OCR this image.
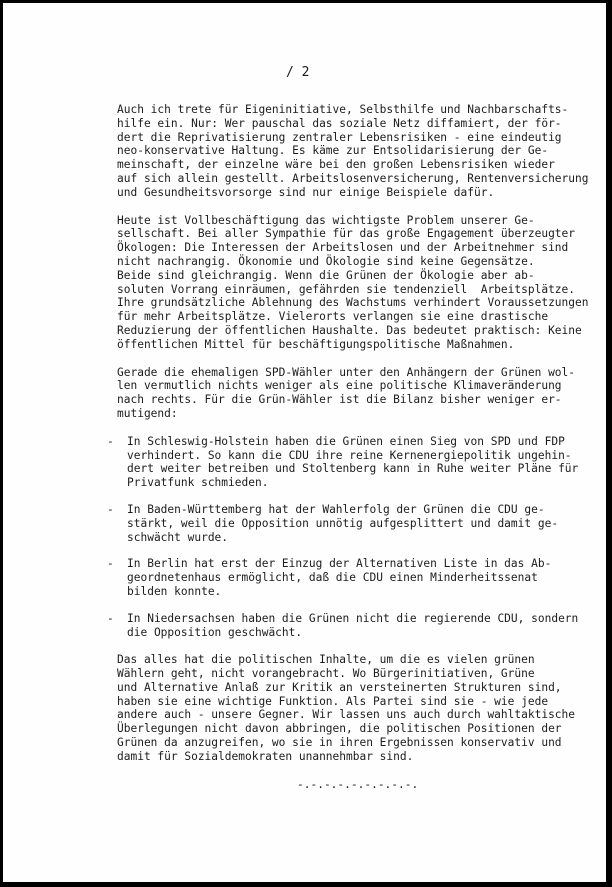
/ 2
Auch ich trete für Eigeninitiative, Selbsthilfe und Nachbarschafts-
hilfe ein. Nur: Wer pauschal das soziale Netz diffamiert, der för-
dert die Reprivatisierung zentraler Lebensrisiken - eine eindeutig
neo-konservative Haltung. Es käme zur Entsolidarisierung der Ge-
meinschaft, der einzelne wäre bei den großen Lebensrisiken wieder
auf sich allein gestellt. Arbeitslosenversicherung, Rentenversicherung
und Gesundheitsvorsorge sind nur einige Beispiele dafür.
Heute ist Vollbeschäftigung das wichtigste Problem unserer Ge-
sellschaft. Bei aller Sympathie für das große Engagement überzeugter
Ökologen: Die Interessen der Arbeitslosen und der Arbeitnehmer sind
nicht nachrangig. Ökonomie und Ökologie sind keine Gegensätze.
Beide sind gleichrangig. Wenn die Grünen der Ökologie aber ab-
soluten Vorrang einräumen, gefährden sie tendenziell  Arbeitsplätze.
Ihre grundsätzliche Ablehnung des Wachstums verhindert Voraussetzungen
für mehr Arbeitsplätze. Vielerorts verlangen sie eine drastische
Reduzierung der öffentlichen Haushalte. Das bedeutet praktisch: Keine
öffentlichen Mittel für beschäftigungspolitische Maßnahmen.
Gerade die ehemaligen SPD-Wähler unter den Anhängern der Grünen wol-
len vermutlich nichts weniger als eine politische Klimaveränderung
nach rechts. Für die Grün-Wähler ist die Bilanz bisher weniger er-
mutigend:
- In Schleswig-Holstein haben die Grünen einen Sieg von SPD und FDP
verhindert. So kann die CDU ihre reine Kernenergiepolitik ungehin-
dert weiter betreiben und Stoltenberg kann in Ruhe weiter Pläne für
Privatfunk schmieden.
- In Baden-Württemberg hat der Wahlerfolg der Grünen die CDU ge-
stärkt, weil die Opposition unnötig aufgesplittert und damit ge-
schwächt wurde.
- In Berlin hat erst der Einzug der Alternativen Liste in das Ab-
geordnetenhaus ermöglicht, daß die CDU einen Minderheitssenat
bilden konnte.
- In Niedersachsen haben die Grünen nicht die regierende CDU, sondern
die Opposition geschwächt.
Das alles hat die politischen Inhalte, um die es vielen grünen
Wählern geht, nicht vorangebracht. Wo Bürgerinitiativen, Grüne
und Alternative Anlaß zur Kritik an versteinerten Strukturen sind,
haben sie eine wichtige Funktion. Als Partei sind sie - wie jede
andere auch - unsere Gegner. Wir lassen uns auch durch wahltaktische
Überlegungen nicht davon abbringen, die politischen Positionen der
Grünen da anzugreifen, wo sie in ihren Ergebnissen konservativ und
damit für Sozialdemokraten unannehmbar sind.
-.-.-.-.-.-.-.-.-.
